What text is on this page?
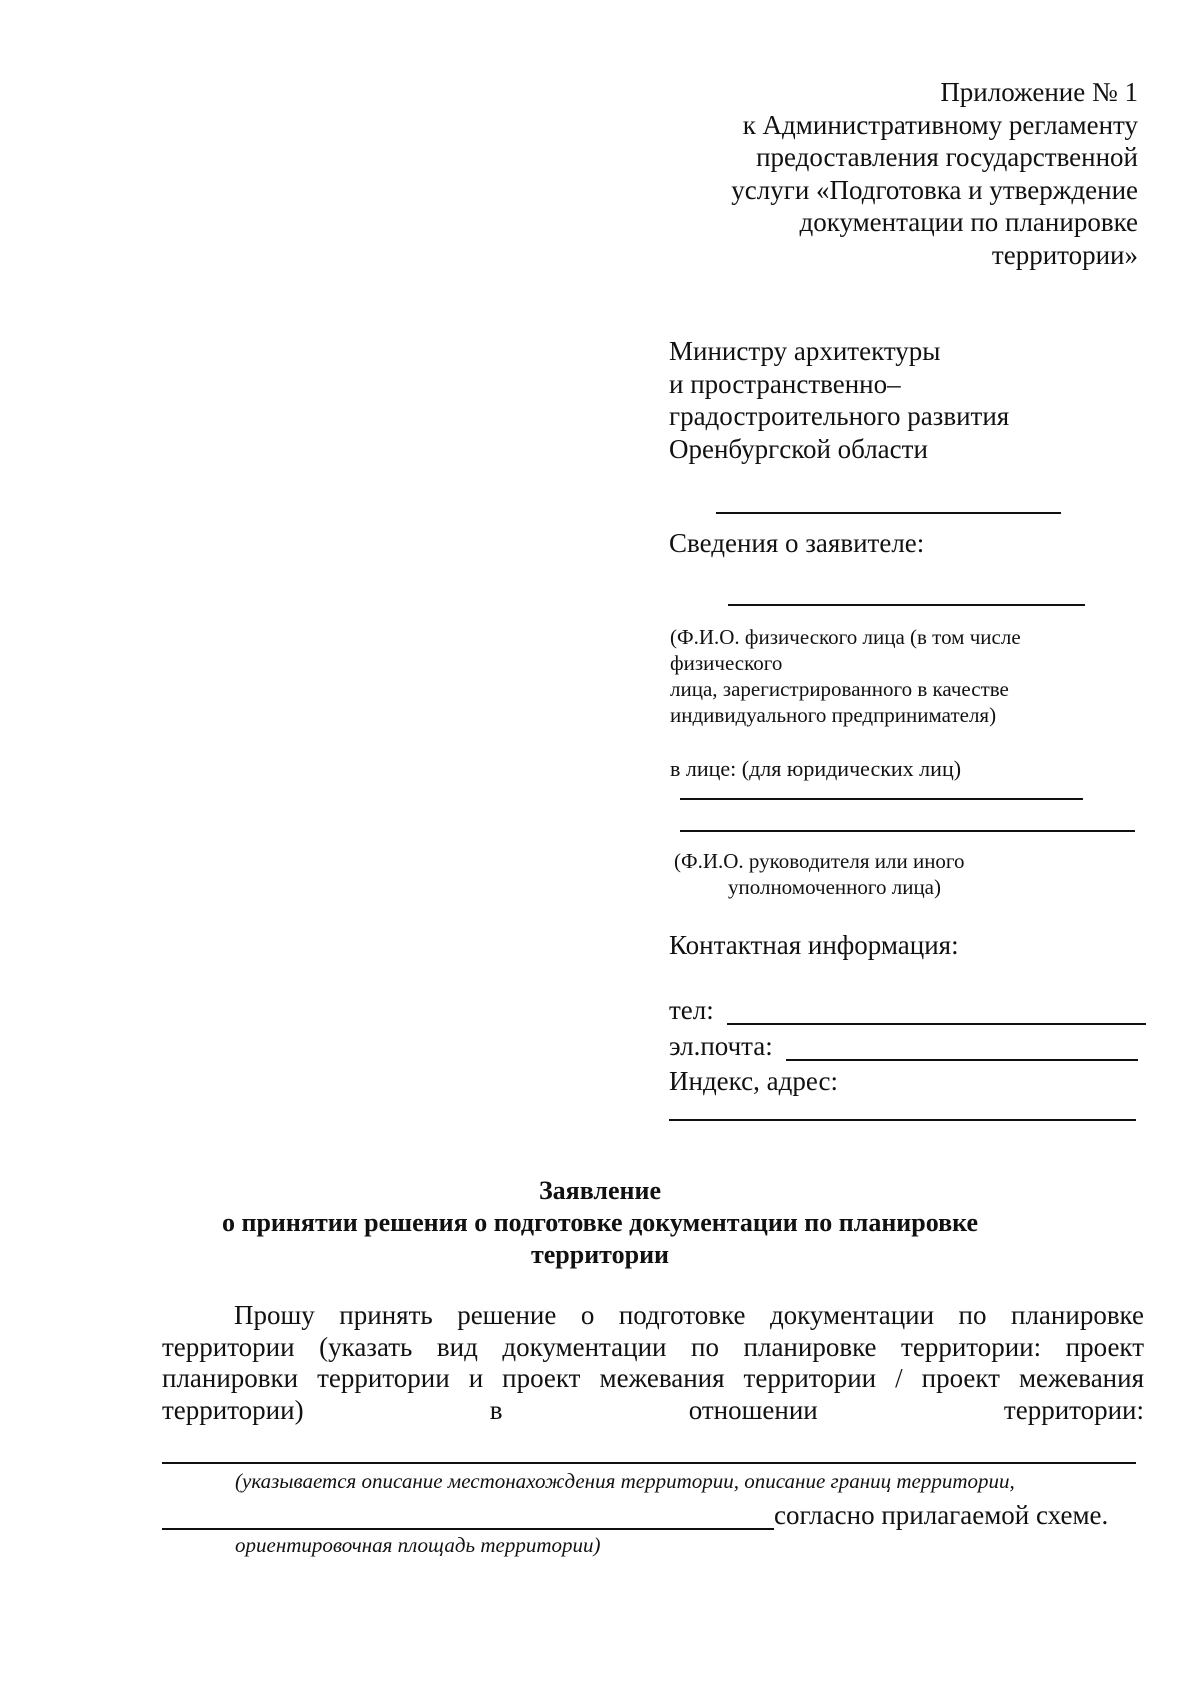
Приложение № 1
к Административному регламенту
предоставления государственной
услуги «Подготовка и утверждение
документации по планировке
территории»
Министру архитектуры
и пространственно–
градостроительного развития
Оренбургской области
Сведения о заявителе:
(Ф.И.О. физического лица (в том числе
физического
лица, зарегистрированного в качестве
индивидуального предпринимателя)
в лице: (для юридических лиц)
(Ф.И.О. руководителя или иного
уполномоченного лица)
Контактная информация:
тел:
эл.почта:
Индекс, адрес:
Заявление
о принятии решения о подготовке документации по планировке
территории
Прошу принять решение о подготовке документации по планировке
территории (указать вид документации по планировке территории: проект
планировки территории и проект межевания территории / проект межевания
территории)	в	отношении	территории:
(указывается описание местонахождения территории, описание границ территории,
согласно прилагаемой схеме.
ориентировочная площадь территории)
